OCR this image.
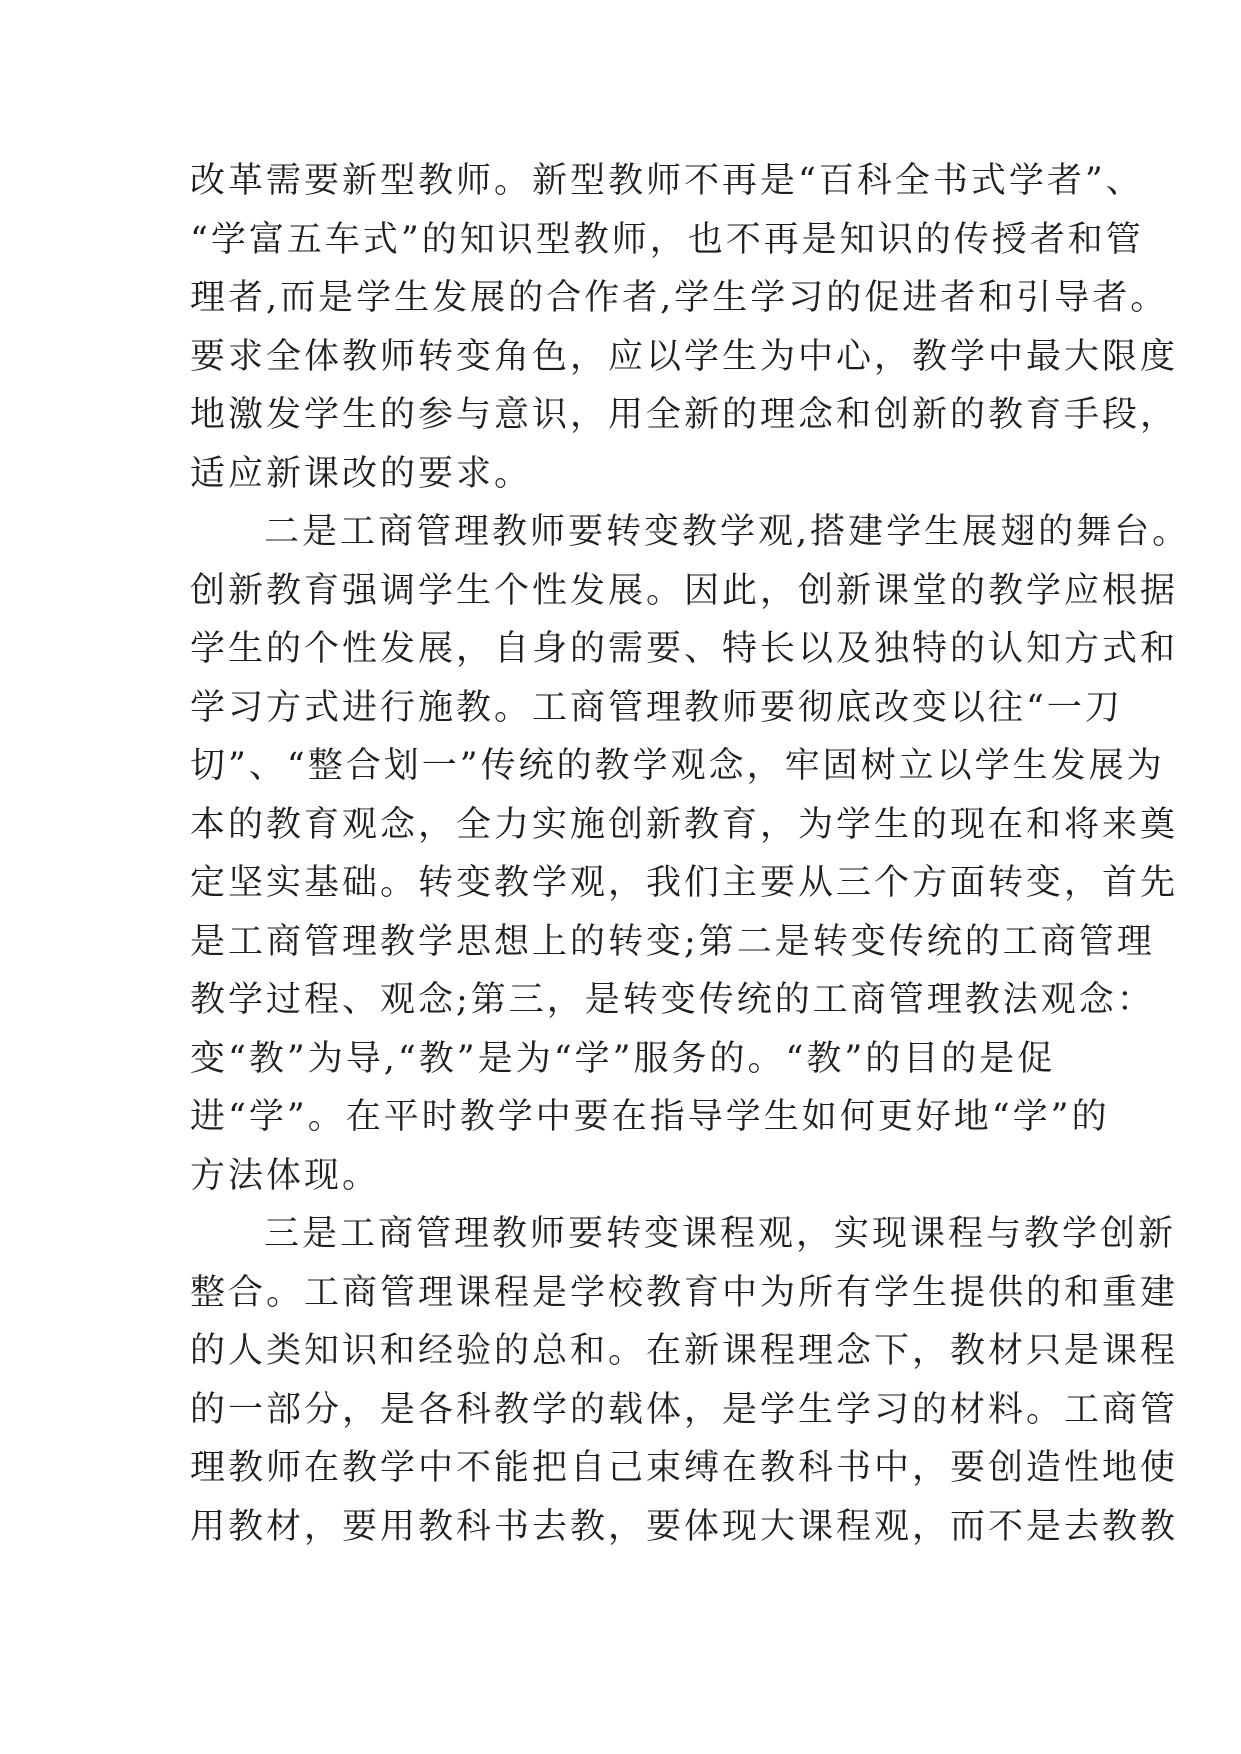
改革需要新型教师。新型教师不再是“百科全书式学者”、
“学富五车式”的知识型教师，也不再是知识的传授者和管
理者,而是学生发展的合作者,学生学习的促进者和引导者。
要求全体教师转变角色，应以学生为中心，教学中最大限度
地激发学生的参与意识，用全新的理念和创新的教育手段，
适应新课改的要求。
二是工商管理教师要转变教学观,搭建学生展翅的舞台。
创新教育强调学生个性发展。因此，创新课堂的教学应根据
学生的个性发展，自身的需要、特长以及独特的认知方式和
学习方式进行施教。工商管理教师要彻底改变以往“一刀
切”、“整合划一”传统的教学观念，牢固树立以学生发展为
本的教育观念，全力实施创新教育，为学生的现在和将来奠
定坚实基础。转变教学观，我们主要从三个方面转变，首先
是工商管理教学思想上的转变;第二是转变传统的工商管理
教学过程、观念;第三，是转变传统的工商管理教法观念：
变“教”为导,“教”是为“学”服务的。“教”的目的是促
进“学”。在平时教学中要在指导学生如何更好地“学”的
方法体现。
三是工商管理教师要转变课程观，实现课程与教学创新
整合。工商管理课程是学校教育中为所有学生提供的和重建
的人类知识和经验的总和。在新课程理念下，教材只是课程
的一部分，是各科教学的载体，是学生学习的材料。工商管
理教师在教学中不能把自己束缚在教科书中，要创造性地使
用教材，要用教科书去教，要体现大课程观，而不是去教教
